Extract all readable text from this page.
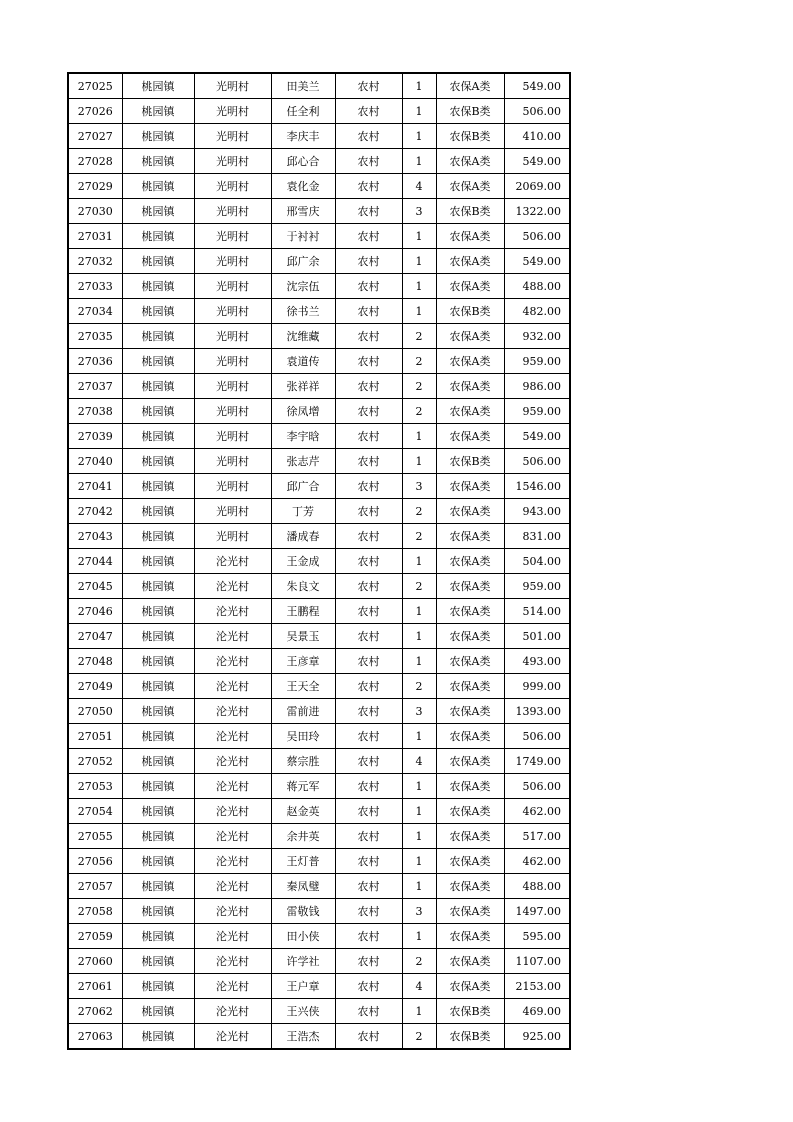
27025	桃园镇	光明村	田美兰	农村	1	农保A类	549.00
27026	桃园镇	光明村	任全利	农村	1	农保B类	506.00
27027	桃园镇	光明村	李庆丰	农村	1	农保B类	410.00
27028	桃园镇	光明村	邱心合	农村	1	农保A类	549.00
27029	桃园镇	光明村	袁化金	农村	4	农保A类	2069.00
27030	桃园镇	光明村	邢雪庆	农村	3	农保B类	1322.00
27031	桃园镇	光明村	于衬衬	农村	1	农保A类	506.00
27032	桃园镇	光明村	邱广余	农村	1	农保A类	549.00
27033	桃园镇	光明村	沈宗伍	农村	1	农保A类	488.00
27034	桃园镇	光明村	徐书兰	农村	1	农保B类	482.00
27035	桃园镇	光明村	沈维藏	农村	2	农保A类	932.00
27036	桃园镇	光明村	袁道传	农村	2	农保A类	959.00
27037	桃园镇	光明村	张祥祥	农村	2	农保A类	986.00
27038	桃园镇	光明村	徐凤增	农村	2	农保A类	959.00
27039	桃园镇	光明村	李宇晗	农村	1	农保A类	549.00
27040	桃园镇	光明村	张志芹	农村	1	农保B类	506.00
27041	桃园镇	光明村	邱广合	农村	3	农保A类	1546.00
27042	桃园镇	光明村	丁芳	农村	2	农保A类	943.00
27043	桃园镇	光明村	潘成春	农村	2	农保A类	831.00
27044	桃园镇	沦光村	王金成	农村	1	农保A类	504.00
27045	桃园镇	沦光村	朱良文	农村	2	农保A类	959.00
27046	桃园镇	沦光村	王鹏程	农村	1	农保A类	514.00
27047	桃园镇	沦光村	吴景玉	农村	1	农保A类	501.00
27048	桃园镇	沦光村	王彦章	农村	1	农保A类	493.00
27049	桃园镇	沦光村	王天全	农村	2	农保A类	999.00
27050	桃园镇	沦光村	雷前进	农村	3	农保A类	1393.00
27051	桃园镇	沦光村	吴田玲	农村	1	农保A类	506.00
27052	桃园镇	沦光村	蔡宗胜	农村	4	农保A类	1749.00
27053	桃园镇	沦光村	蒋元军	农村	1	农保A类	506.00
27054	桃园镇	沦光村	赵金英	农村	1	农保A类	462.00
27055	桃园镇	沦光村	余井英	农村	1	农保A类	517.00
27056	桃园镇	沦光村	王灯普	农村	1	农保A类	462.00
27057	桃园镇	沦光村	秦凤璧	农村	1	农保A类	488.00
27058	桃园镇	沦光村	雷敬钱	农村	3	农保A类	1497.00
27059	桃园镇	沦光村	田小侠	农村	1	农保A类	595.00
27060	桃园镇	沦光村	许学社	农村	2	农保A类	1107.00
27061	桃园镇	沦光村	王户章	农村	4	农保A类	2153.00
27062	桃园镇	沦光村	王兴侠	农村	1	农保B类	469.00
27063	桃园镇	沦光村	王浩杰	农村	2	农保B类	925.00
